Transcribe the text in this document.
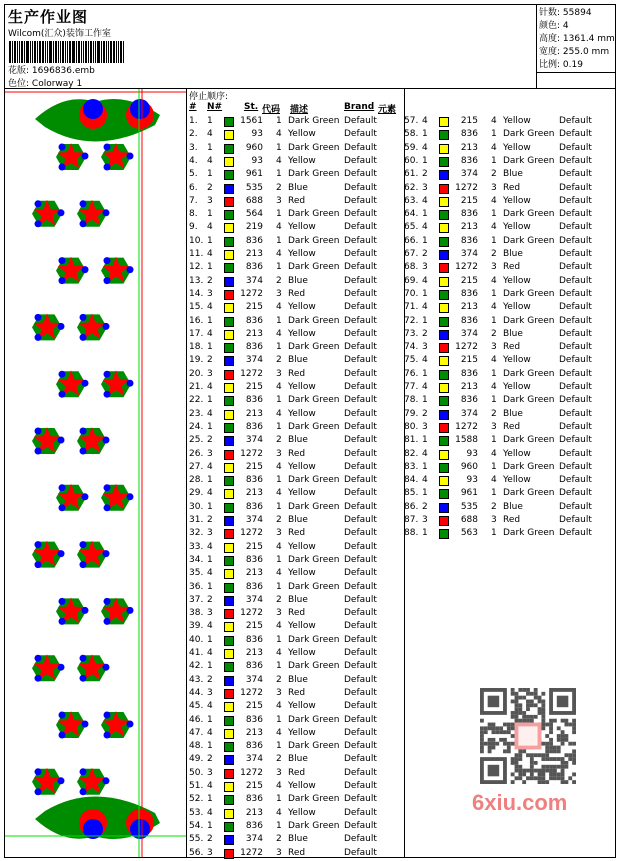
生产作业图
Wilcom(汇众)装饰工作室
花版: 1696836.emb
色位: Colorway 1
针数: 55894
颜色: 4
高度: 1361.4 mm
宽度: 255.0 mm
比例: 0.19
停止顺序:
# N# St. 代码 描述	Brand 元素
1. 1	1561 1 Dark Green Default
2. 4	93 4 Yellow	Default
3. 1	960 1 Dark Green Default
4. 4	93 4 Yellow	Default
5. 1	961 1 Dark Green Default
6. 2	535 2 Blue	Default
7. 3	688 3 Red	Default
8. 1	564 1 Dark Green Default
9. 4	219 4 Yellow	Default
10. 1	836 1 Dark Green Default
11. 4	213 4 Yellow	Default
12. 1	836 1 Dark Green Default
13. 2	374 2 Blue	Default
14. 3	1272 3 Red	Default
15. 4	215 4 Yellow	Default
16. 1	836 1 Dark Green Default
17. 4	213 4 Yellow	Default
18. 1	836 1 Dark Green Default
19. 2	374 2 Blue	Default
20. 3	1272 3 Red	Default
21. 4	215 4 Yellow	Default
22. 1	836 1 Dark Green Default
23. 4	213 4 Yellow	Default
24. 1	836 1 Dark Green Default
25. 2	374 2 Blue	Default
26. 3	1272 3 Red	Default
27. 4	215 4 Yellow	Default
28. 1	836 1 Dark Green Default
29. 4	213 4 Yellow	Default
30. 1	836 1 Dark Green Default
31. 2	374 2 Blue	Default
32. 3	1272 3 Red	Default
33. 4	215 4 Yellow	Default
34. 1	836 1 Dark Green Default
35. 4	213 4 Yellow	Default
36. 1	836 1 Dark Green Default
37. 2	374 2 Blue	Default
38. 3	1272 3 Red	Default
39. 4	215 4 Yellow	Default
40. 1	836 1 Dark Green Default
41. 4	213 4 Yellow	Default
42. 1	836 1 Dark Green Default
43. 2	374 2 Blue	Default
44. 3	1272 3 Red	Default
45. 4	215 4 Yellow	Default
46. 1	836 1 Dark Green Default
47. 4	213 4 Yellow	Default
48. 1	836 1 Dark Green Default
49. 2	374 2 Blue	Default
50. 3	1272 3 Red	Default
51. 4	215 4 Yellow	Default
52. 1	836 1 Dark Green Default
53. 4	213 4 Yellow	Default
54. 1	836 1 Dark Green Default
55. 2	374 2 Blue	Default
56. 3	1272 3 Red	Default
57. 4	215 4 Yellow	Default
58. 1	836 1 Dark Green Default
59. 4	213 4 Yellow	Default
60. 1	836 1 Dark Green Default
61. 2	374 2 Blue	Default
62. 3	1272 3 Red	Default
63. 4	215 4 Yellow	Default
64. 1	836 1 Dark Green Default
65. 4	213 4 Yellow	Default
66. 1	836 1 Dark Green Default
67. 2	374 2 Blue	Default
68. 3	1272 3 Red	Default
69. 4	215 4 Yellow	Default
70. 1	836 1 Dark Green Default
71. 4	213 4 Yellow	Default
72. 1	836 1 Dark Green Default
73. 2	374 2 Blue	Default
74. 3	1272 3 Red	Default
75. 4	215 4 Yellow	Default
76. 1	836 1 Dark Green Default
77. 4	213 4 Yellow	Default
78. 1	836 1 Dark Green Default
79. 2	374 2 Blue	Default
80. 3	1272 3 Red	Default
81. 1	1588 1 Dark Green Default
82. 4	93 4 Yellow	Default
83. 1	960 1 Dark Green Default
84. 4	93 4 Yellow	Default
85. 1	961 1 Dark Green Default
86. 2	535 2 Blue	Default
87. 3	688 3 Red	Default
88. 1	563 1 Dark Green Default
6xiu.com
